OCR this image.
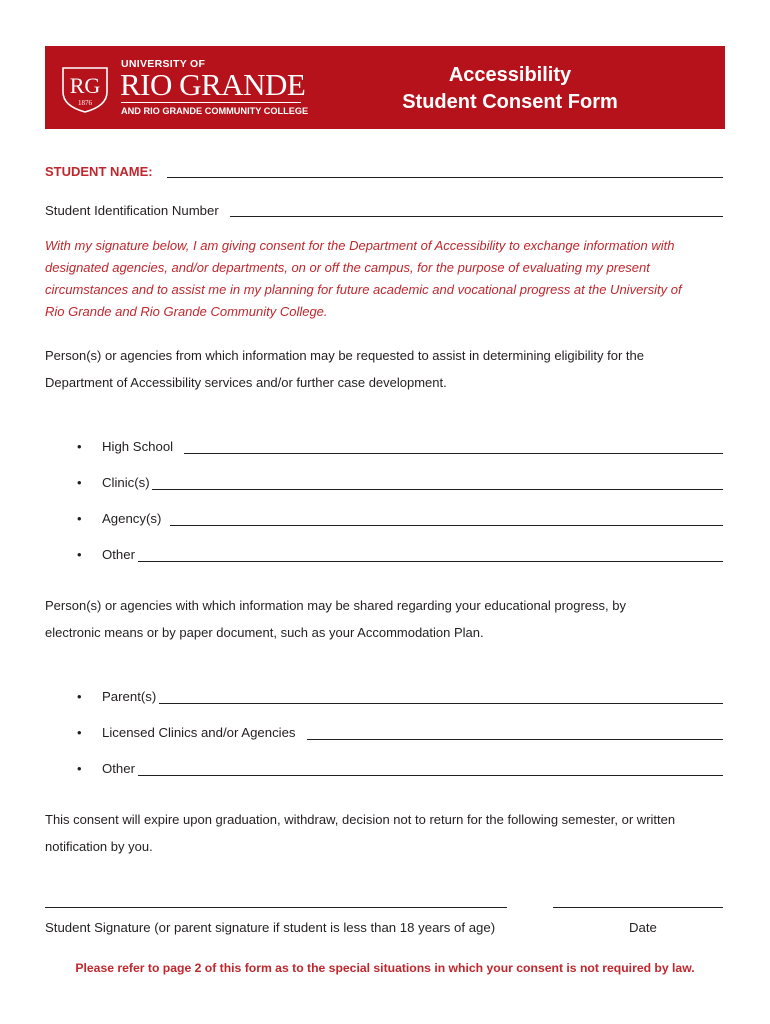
RG
1876
UNIVERSITY OF
RIO GRANDE
AND RIO GRANDE COMMUNITY COLLEGE
Accessibility
Student Consent Form
STUDENT NAME:
Student Identification Number
With my signature below, I am giving consent for the Department of Accessibility to exchange information with
designated agencies, and/or departments, on or off the campus, for the purpose of evaluating my present
circumstances and to assist me in my planning for future academic and vocational progress at the University of
Rio Grande and Rio Grande Community College.
Person(s) or agencies from which information may be requested to assist in determining eligibility for the
Department of Accessibility services and/or further case development.
• High School
• Clinic(s)
• Agency(s)
• Other
Person(s) or agencies with which information may be shared regarding your educational progress, by
electronic means or by paper document, such as your Accommodation Plan.
• Parent(s)
• Licensed Clinics and/or Agencies
• Other
This consent will expire upon graduation, withdraw, decision not to return for the following semester, or written
notification by you.
Student Signature (or parent signature if student is less than 18 years of age)	Date
Please refer to page 2 of this form as to the special situations in which your consent is not required by law.
